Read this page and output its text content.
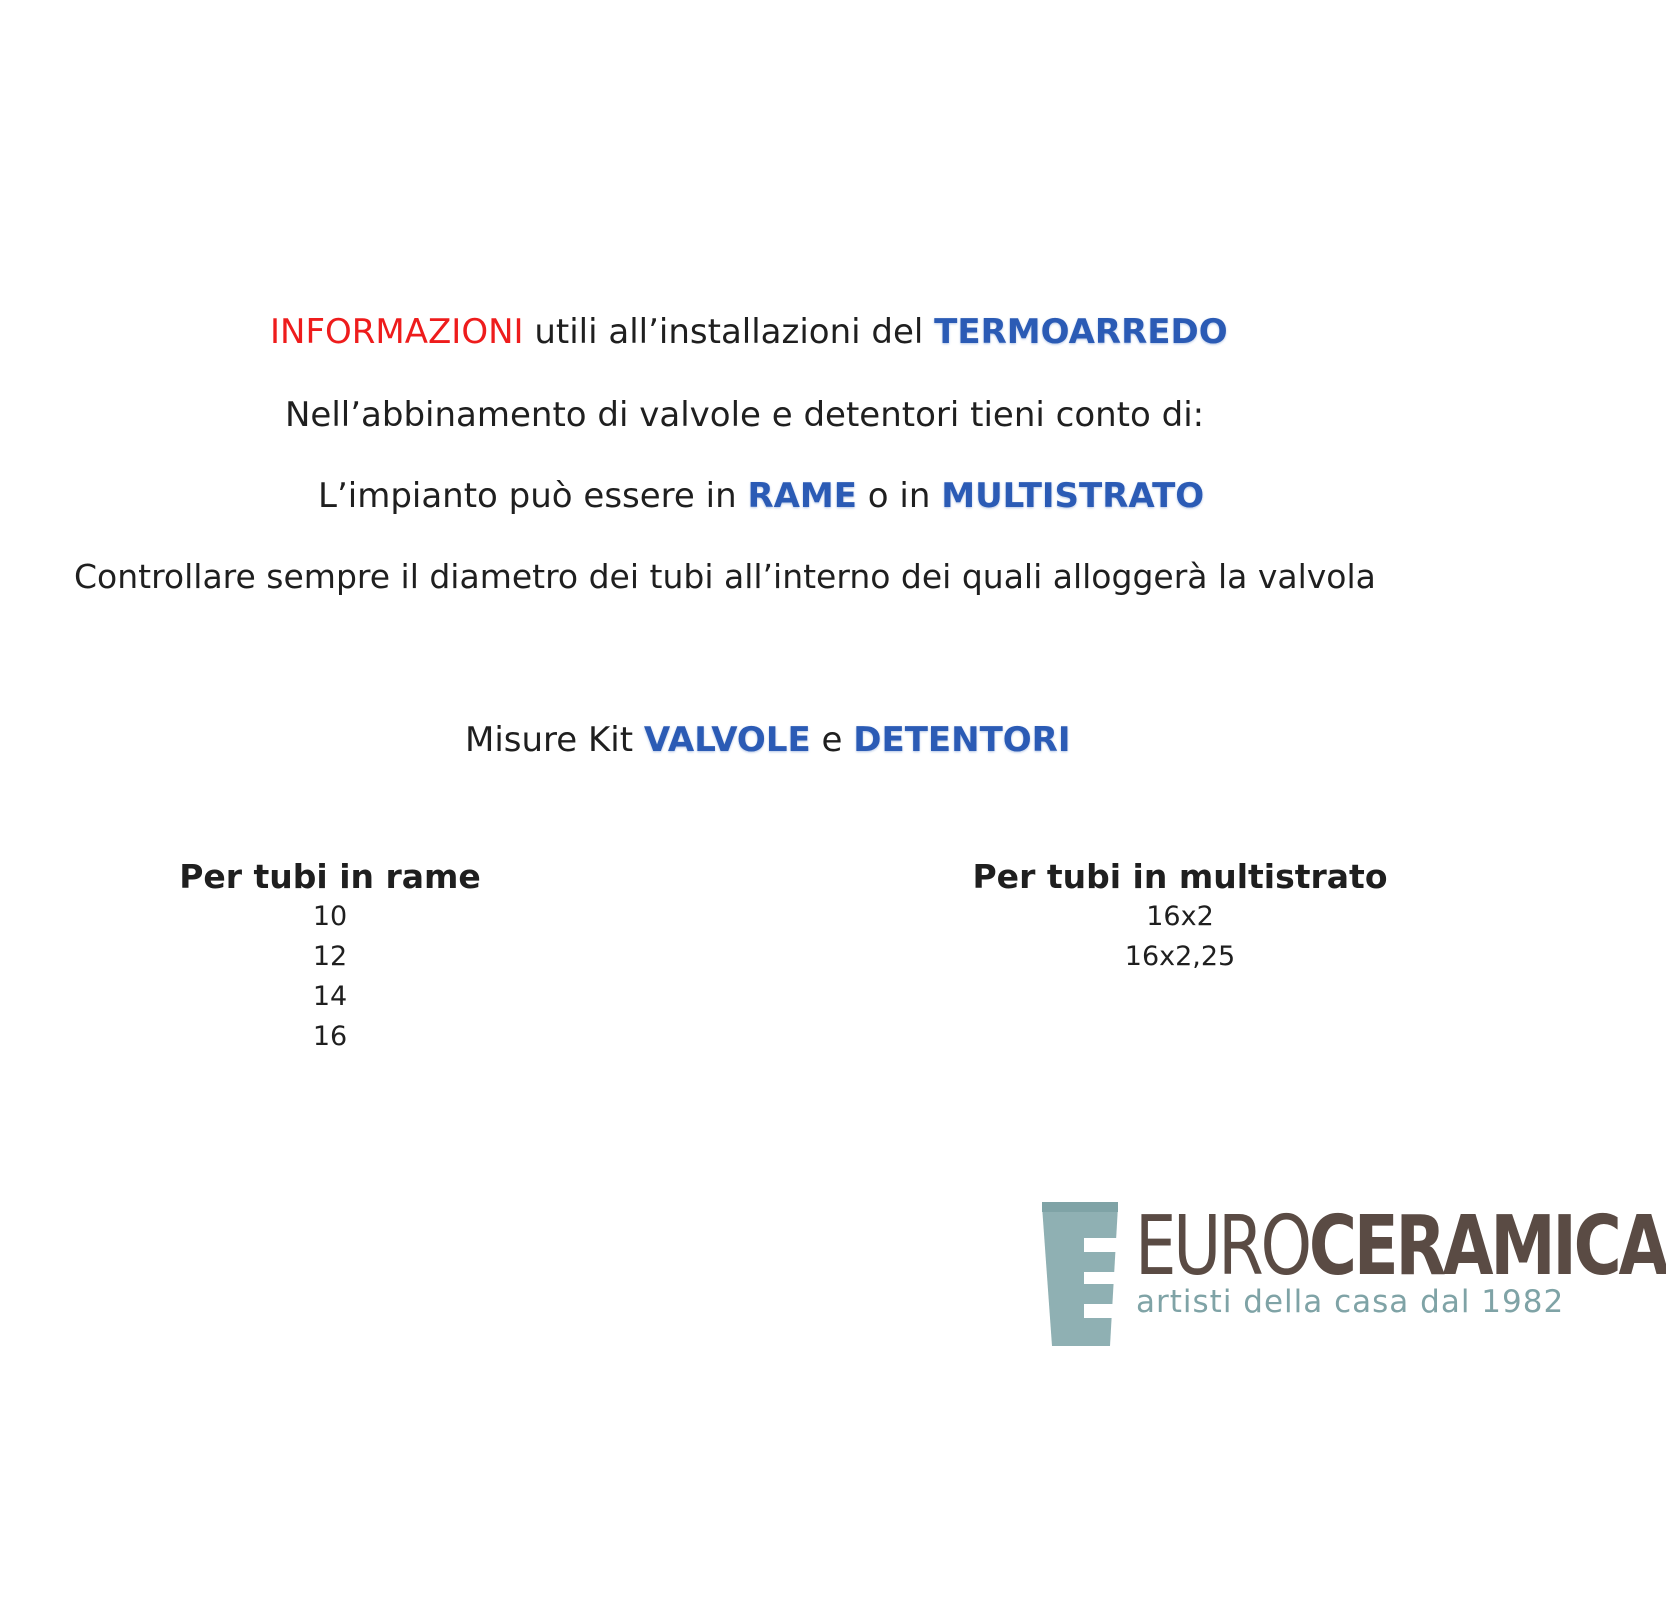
INFORMAZIONI utili all’installazioni del TERMOARREDO
Nell’abbinamento di valvole e detentori tieni conto di:
L’impianto può essere in RAME o in MULTISTRATO
Controllare sempre il diametro dei tubi all’interno dei quali alloggerà la valvola
Misure Kit VALVOLE e DETENTORI
Per tubi in rame
10
12
14
16
Per tubi in multistrato
16x2
16x2,25
EUROCERAMICA
artisti della casa dal 1982
